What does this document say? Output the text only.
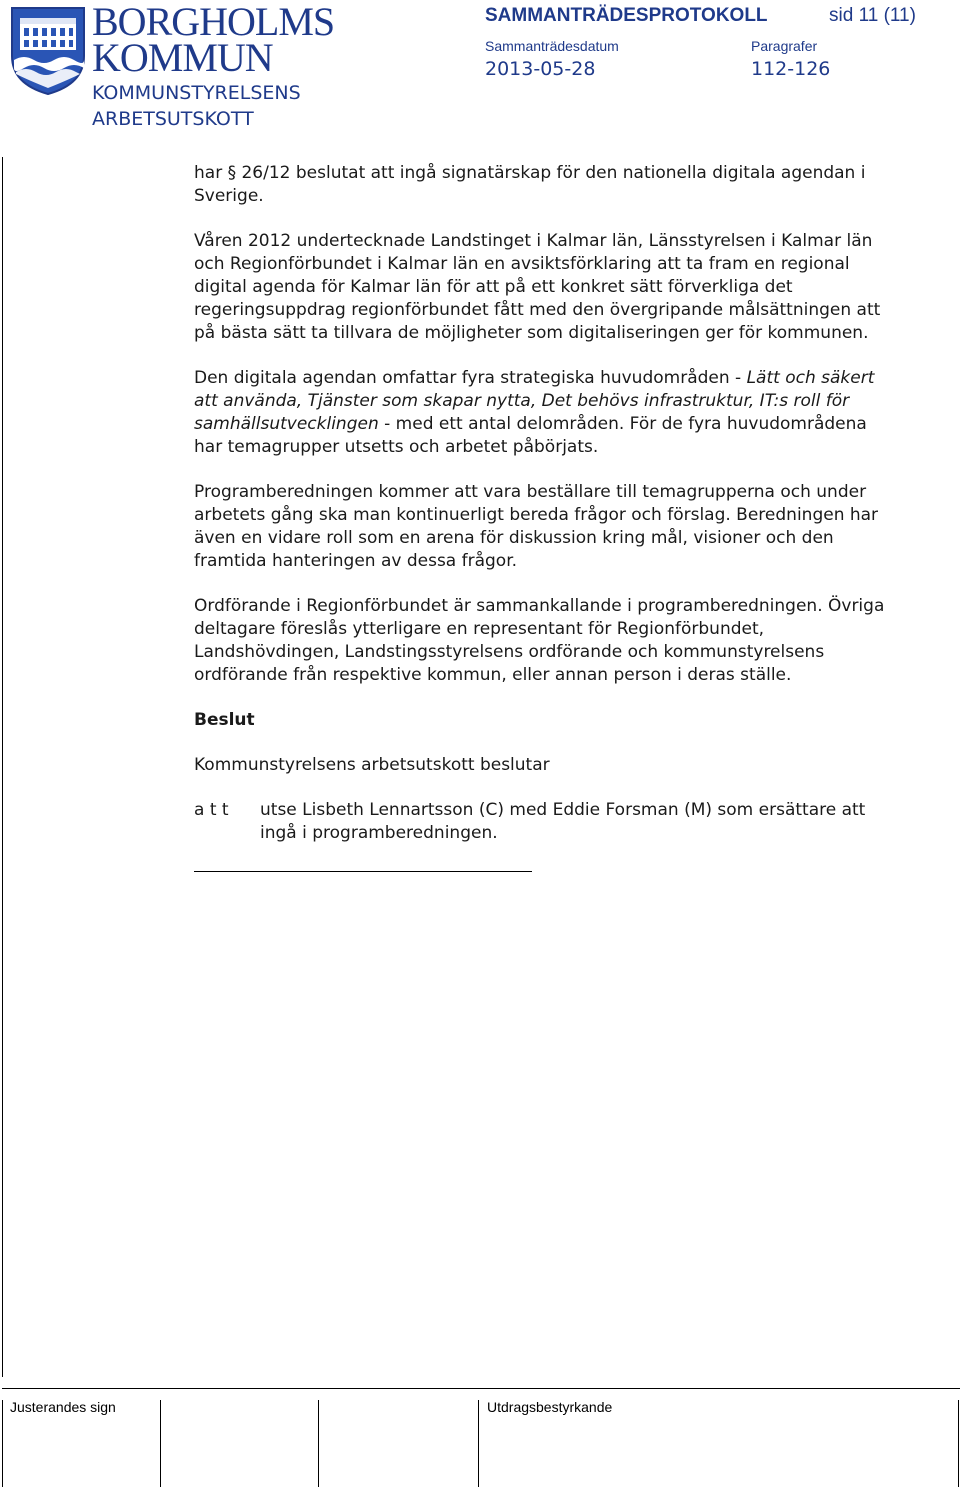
BORGHOLMS
KOMMUN
KOMMUNSTYRELSENS
ARBETSUTSKOTT
SAMMANTRÄDESPROTOKOLL	sid 11 (11)
Sammanträdesdatum
2013-05-28
Paragrafer
112-126

har § 26/12 beslutat att ingå signatärskap för den nationella digitala agendan i Sverige.

Våren 2012 undertecknade Landstinget i Kalmar län, Länsstyrelsen i Kalmar län och Regionförbundet i Kalmar län en avsiktsförklaring att ta fram en regional digital agenda för Kalmar län för att på ett konkret sätt förverkliga det regeringsuppdrag regionförbundet fått med den övergripande målsättningen att på bästa sätt ta tillvara de möjligheter som digitaliseringen ger för kommunen.

Den digitala agendan omfattar fyra strategiska huvudområden - Lätt och säkert att använda, Tjänster som skapar nytta, Det behövs infrastruktur, IT:s roll för samhällsutvecklingen - med ett antal delområden. För de fyra huvudområdena har temagrupper utsetts och arbetet påbörjats.

Programberedningen kommer att vara beställare till temagrupperna och under arbetets gång ska man kontinuerligt bereda frågor och förslag. Beredningen har även en vidare roll som en arena för diskussion kring mål, visioner och den framtida hanteringen av dessa frågor.

Ordförande i Regionförbundet är sammankallande i programberedningen. Övriga deltagare föreslås ytterligare en representant för Regionförbundet, Landshövdingen, Landstingsstyrelsens ordförande och kommunstyrelsens ordförande från respektive kommun, eller annan person i deras ställe.

Beslut

Kommunstyrelsens arbetsutskott beslutar

a t t	utse Lisbeth Lennartsson (C) med Eddie Forsman (M) som ersättare att ingå i programberedningen.
Justerandes sign	Utdragsbestyrkande
